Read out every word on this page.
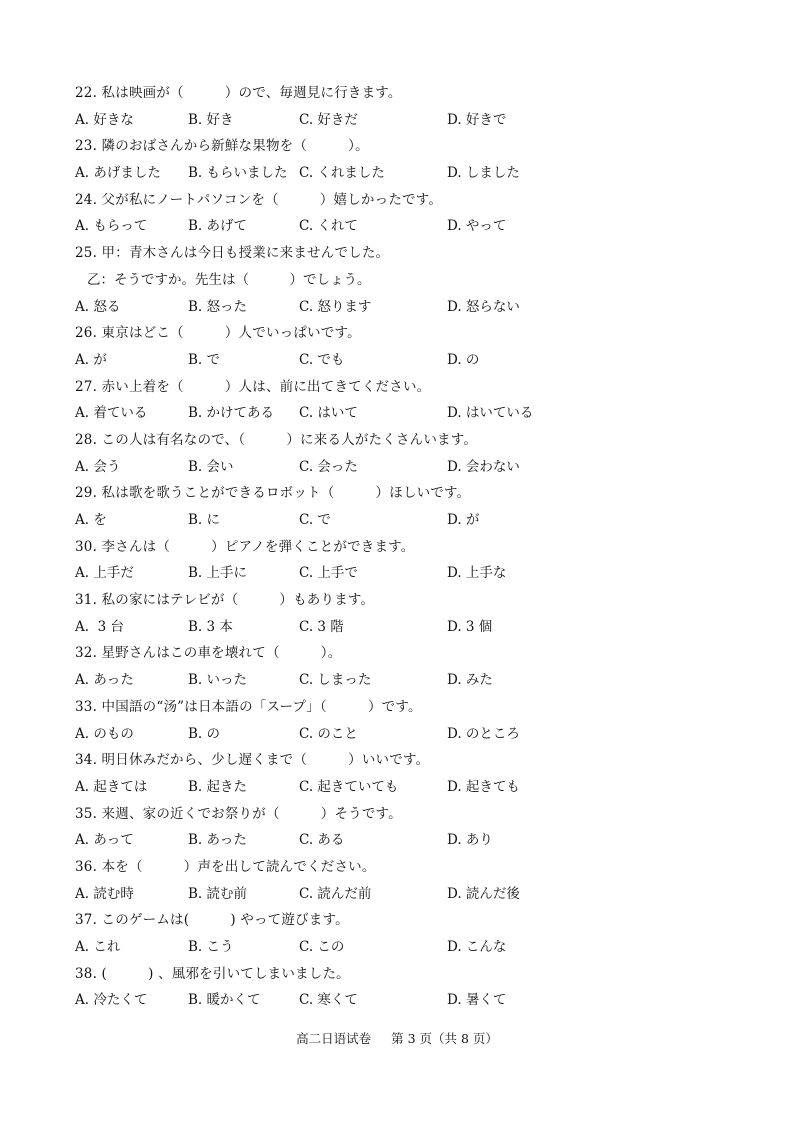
22. 私は映画が（　　　）ので、毎週見に行きます。

A. 好きな

	B. 好き

	C. 好きだ

	D. 好きで

23. 隣のおばさんから新鮮な果物を（　　　）。

A. あげました

B. もらいました

C. くれました

	D. しました

24. 父が私にノートパソコンを（　　　）嬉しかったです。

A. もらって

	B. あげて

	C. くれて

	D. やって

25. 甲：青木さんは今日も授業に来ませんでした。
乙：そうですか。先生は（　　　）でしょう。

A. 怒る

	B. 怒った

	C. 怒ります

	D. 怒らない

26. 東京はどこ（　　　）人でいっぱいです。

A. が

	B. で

	C. でも

	D. の

27. 赤い上着を（　　　）人は、前に出てきてください。

A. 着ている

	B. かけてある

C. はいて

	D. はいている

28. この人は有名なので、（　　　）に来る人がたくさんいます。

A. 会う

	B. 会い

	C. 会った

	D. 会わない

29. 私は歌を歌うことができるロボット（　　　）ほしいです。

A. を

	B. に

	C. で

	D. が

30. 李さんは（　　　）ピアノを弾くことができます。

A. 上手だ

	B. 上手に

	C. 上手で

	D. 上手な

31. 私の家にはテレビが（　　　）もあります。

A.  3 台

	B. 3 本

	C. 3 階

	D. 3 個

32. 星野さんはこの車を壊れて（　　　）。

A. あった

	B. いった

	C. しまった

	D. みた

33. 中国語の“汤”は日本語の「スープ」（　　　）です。

A. のもの

	B. の

	C. のこと

	D. のところ

34. 明日休みだから、少し遅くまで（　　　）いいです。

A. 起きては

	B. 起きた

	C. 起きていても

	D. 起きても

35. 来週、家の近くでお祭りが（　　　）そうです。

A. あって

	B. あった

	C. ある

	D. あり

36. 本を（　　　）声を出して読んでください。

A. 読む時

	B. 読む前

	C. 読んだ前

	D. 読んだ後

37. このゲームは(　　　) やって遊びます。

A. これ

	B. こう

	C. この

	D. こんな

38. (　　　) 、風邪を引いてしまいました。

A. 冷たくて

	B. 暖かくて

	C. 寒くて

	D. 暑くて

高二日语试卷 第 3 页（共 8 页）
